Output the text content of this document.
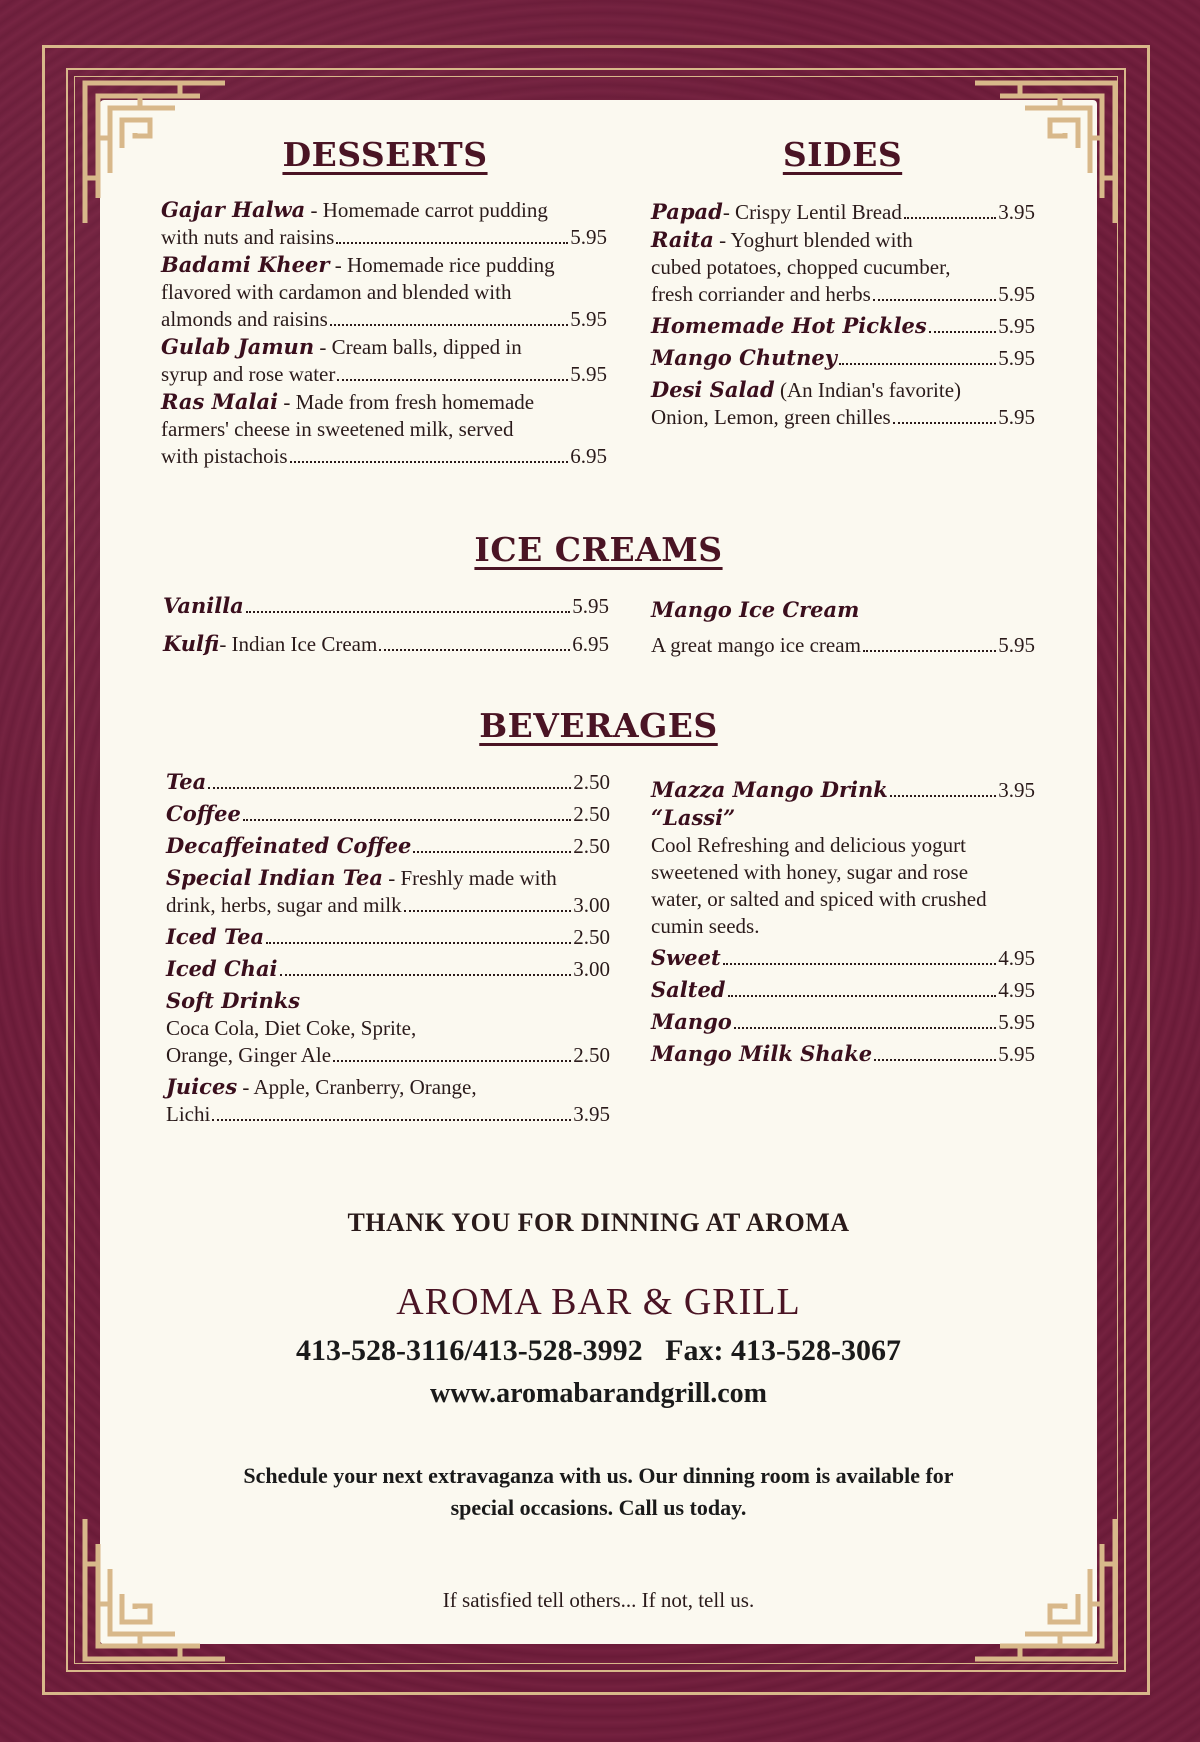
DESSERTS
Gajar Halwa - Homemade carrot pudding
with nuts and raisins	5.95
Badami Kheer - Homemade rice pudding
flavored with cardamon and blended with
almonds and raisins	5.95
Gulab Jamun - Cream balls, dipped in
syrup and rose water	5.95
Ras Malai - Made from fresh homemade
farmers' cheese in sweetened milk, served
with pistachois	6.95
SIDES
Papad - Crispy Lentil Bread	3.95
Raita - Yoghurt blended with
cubed potatoes, chopped cucumber,
fresh corriander and herbs	5.95
Homemade Hot Pickles	5.95
Mango Chutney	5.95
Desi Salad (An Indian's favorite)
Onion, Lemon, green chilles	5.95
ICE CREAMS
Vanilla	5.95
Kulfi - Indian Ice Cream	6.95
Mango Ice Cream
A great mango ice cream	5.95
BEVERAGES
Tea	2.50
Coffee	2.50
Decaffeinated Coffee	2.50
Special Indian Tea - Freshly made with
drink, herbs, sugar and milk	3.00
Iced Tea	2.50
Iced Chai	3.00
Soft Drinks
Coca Cola, Diet Coke, Sprite,
Orange, Ginger Ale	2.50
Juices - Apple, Cranberry, Orange,
Lichi	3.95
Mazza Mango Drink	3.95
“Lassi”
Cool Refreshing and delicious yogurt
sweetened with honey, sugar and rose
water, or salted and spiced with crushed
cumin seeds.
Sweet	4.95
Salted	4.95
Mango	5.95
Mango Milk Shake	5.95
THANK YOU FOR DINNING AT AROMA
AROMA BAR & GRILL
413-528-3116/413-528-3992   Fax: 413-528-3067
www.aromabarandgrill.com
Schedule your next extravaganza with us. Our dinning room is available for
special occasions. Call us today.
If satisfied tell others... If not, tell us.
